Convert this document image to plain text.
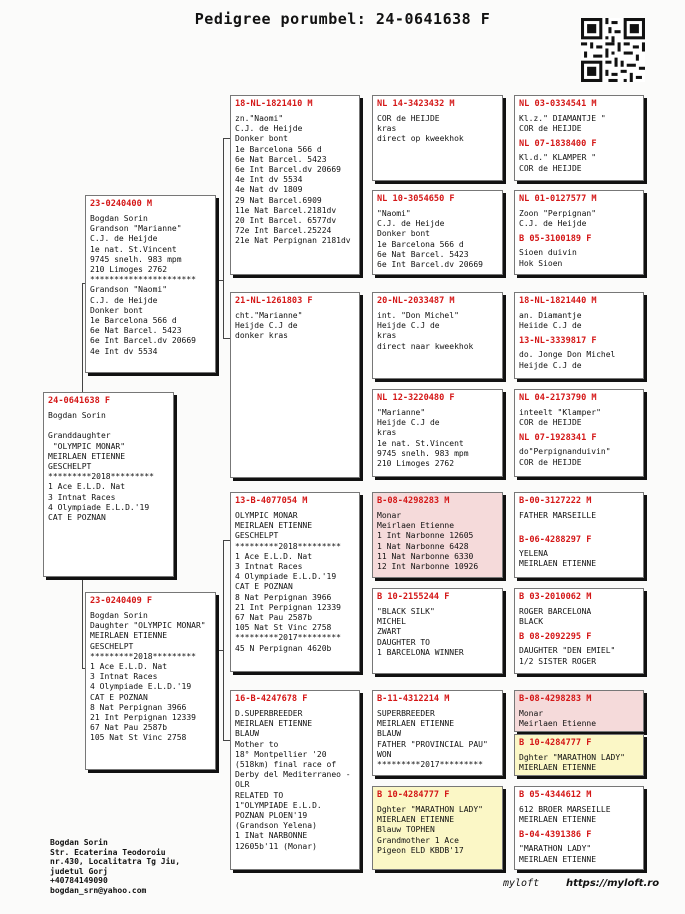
Pedigree porumbel: 24-0641638 F
24-0641638 F
Bogdan Sorin

Granddaughter
"OLYMPIC MONAR"
MEIRLAEN ETIENNE
GESCHELPT
*********2018*********
1 Ace E.L.D. Nat
3 Intnat Races
4 Olympiade E.L.D.'19
CAT E POZNAN
23-0240400 M
Bogdan Sorin
Grandson "Marianne"
C.J. de Heijde
1e nat. St.Vincent
9745 snelh. 983 mpm
210 Limoges 2762
**********************
Grandson "Naomi"
C.J. de Heijde
Donker bont
1e Barcelona 566 d
6e Nat Barcel. 5423
6e Int Barcel.dv 20669
4e Int dv 5534
23-0240409 F
Bogdan Sorin
Daughter "OLYMPIC MONAR"
MEIRLAEN ETIENNE
GESCHELPT
*********2018*********
1 Ace E.L.D. Nat
3 Intnat Races
4 Olympiade E.L.D.'19
CAT E POZNAN
8 Nat Perpignan 3966
21 Int Perpignan 12339
67 Nat Pau 2587b
105 Nat St Vinc 2758
18-NL-1821410 M
zn."Naomi"
C.J. de Heijde
Donker bont
1e Barcelona 566 d
6e Nat Barcel. 5423
6e Int Barcel.dv 20669
4e Int dv 5534
4e Nat dv 1809
29 Nat Barcel.6909
11e Nat Barcel.2181dv
20 Int Barcel. 6577dv
72e Int Barcel.25224
21e Nat Perpignan 2181dv
21-NL-1261803 F
cht."Marianne"
Heijde C.J de
donker kras
13-B-4077054 M
OLYMPIC MONAR
MEIRLAEN ETIENNE
GESCHELPT
*********2018*********
1 Ace E.L.D. Nat
3 Intnat Races
4 Olympiade E.L.D.'19
CAT E POZNAN
8 Nat Perpignan 3966
21 Int Perpignan 12339
67 Nat Pau 2587b
105 Nat St Vinc 2758
*********2017*********
45 N Perpignan 4620b
16-B-4247678 F
D.SUPERBREEDER
MEIRLAEN ETIENNE
BLAUW
Mother to
18° Montpellier '20
(518km) final race of
Derby del Mediterraneo -
OLR
RELATED TO
1"OLYMPIADE E.L.D.
POZNAN PLOEN'19
(Grandson Yelena)
1 INat NARBONNE
12605b'11 (Monar)
NL 14-3423432 M
COR de HEIJDE
kras
direct op kweekhok
NL 10-3054650 F
"Naomi"
C.J. de Heijde
Donker bont
1e Barcelona 566 d
6e Nat Barcel. 5423
6e Int Barcel.dv 20669
20-NL-2033487 M
int. "Don Michel"
Heijde C.J de
kras
direct naar kweekhok
NL 12-3220480 F
"Marianne"
Heijde C.J de
kras
1e nat. St.Vincent
9745 snelh. 983 mpm
210 Limoges 2762
B-08-4298283 M
Monar
Meirlaen Etienne
1 Int Narbonne 12605
1 Nat Narbonne 6428
11 Nat Narbonne 6330
12 Int Narbonne 10926
B 10-2155244 F
"BLACK SILK"
MICHEL
ZWART
DAUGHTER TO
1 BARCELONA WINNER
B-11-4312214 M
SUPERBREEDER
MEIRLAEN ETIENNE
BLAUW
FATHER "PROVINCIAL PAU"
WON
*********2017*********
B 10-4284777 F
Dghter "MARATHON LADY"
MIERLAEN ETIENNE
Blauw TOPHEN
Grandmother 1 Ace
Pigeon ELD KBDB'17
NL 03-0334541 M
Kl.z." DIAMANTJE "
COR de HEIJDE
NL 07-1838400 F
Kl.d." KLAMPER "
COR de HEIJDE
NL 01-0127577 M
Zoon "Perpignan"
C.J. de Heijde
B 05-3100189 F
Sioen duivin
Hok Sioen
18-NL-1821440 M
an. Diamantje
Heiide C.J de
13-NL-3339817 F
do. Jonge Don Michel
Heijde C.J de
NL 04-2173790 M
inteelt "Klamper"
COR de HEIJDE
NL 07-1928341 F
do"Perpignanduivin"
COR de HEIJDE
B-00-3127222 M
FATHER MARSEILLE
B-06-4288297 F
YELENA
MEIRLAEN ETIENNE
B 03-2010062 M
ROGER BARCELONA
BLACK
B 08-2092295 F
DAUGHTER "DEN EMIEL"
1/2 SISTER ROGER
B-08-4298283 M
Monar
Meirlaen Etienne
B 10-4284777 F
Dghter "MARATHON LADY"
MIERLAEN ETIENNE
B 05-4344612 M
612 BROER MARSEILLE
MEIRLAEN ETIENNE
B-04-4391386 F
"MARATHON LADY"
MEIRLAEN ETIENNE
Bogdan Sorin
Str. Ecaterina Teodoroiu
nr.430, Localitatra Tg Jiu,
judetul Gorj
+40784149090
bogdan_srn@yahoo.com
myloft	https://myloft.ro
